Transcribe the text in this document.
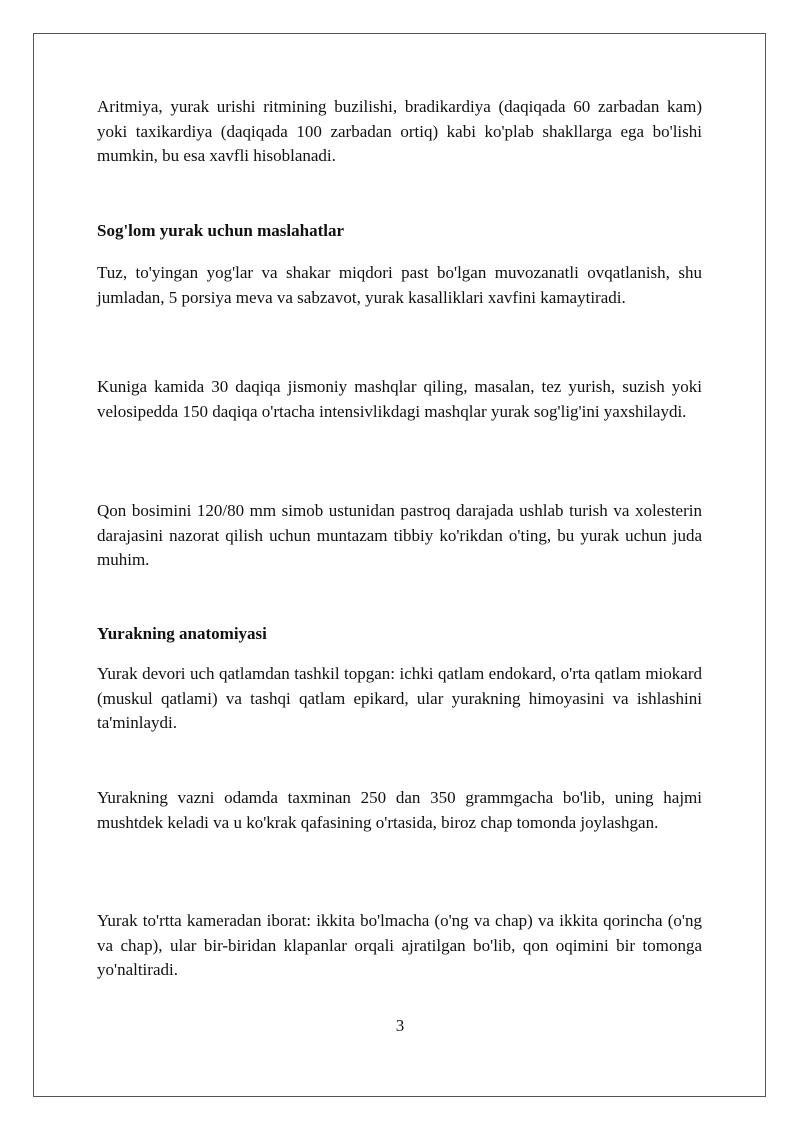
Aritmiya, yurak urishi ritmining buzilishi, bradikardiya (daqiqada 60 zarbadan kam) yoki taxikardiya (daqiqada 100 zarbadan ortiq) kabi ko'plab shakllarga ega bo'lishi mumkin, bu esa xavfli hisoblanadi.

Sog'lom yurak uchun maslahatlar

Tuz, to'yingan yog'lar va shakar miqdori past bo'lgan muvozanatli ovqatlanish, shu jumladan, 5 porsiya meva va sabzavot, yurak kasalliklari xavfini kamaytiradi.

Kuniga kamida 30 daqiqa jismoniy mashqlar qiling, masalan, tez yurish, suzish yoki velosipedda 150 daqiqa o'rtacha intensivlikdagi mashqlar yurak sog'lig'ini yaxshilaydi.

Qon bosimini 120/80 mm simob ustunidan pastroq darajada ushlab turish va xolesterin darajasini nazorat qilish uchun muntazam tibbiy ko'rikdan o'ting, bu yurak uchun juda muhim.

Yurakning anatomiyasi

Yurak devori uch qatlamdan tashkil topgan: ichki qatlam endokard, o'rta qatlam miokard (muskul qatlami) va tashqi qatlam epikard, ular yurakning himoyasini va ishlashini ta'minlaydi.

Yurakning vazni odamda taxminan 250 dan 350 grammgacha bo'lib, uning hajmi mushtdek keladi va u ko'krak qafasining o'rtasida, biroz chap tomonda joylashgan.

Yurak to'rtta kameradan iborat: ikkita bo'lmacha (o'ng va chap) va ikkita qorincha (o'ng va chap), ular bir-biridan klapanlar orqali ajratilgan bo'lib, qon oqimini bir tomonga yo'naltiradi.

3
